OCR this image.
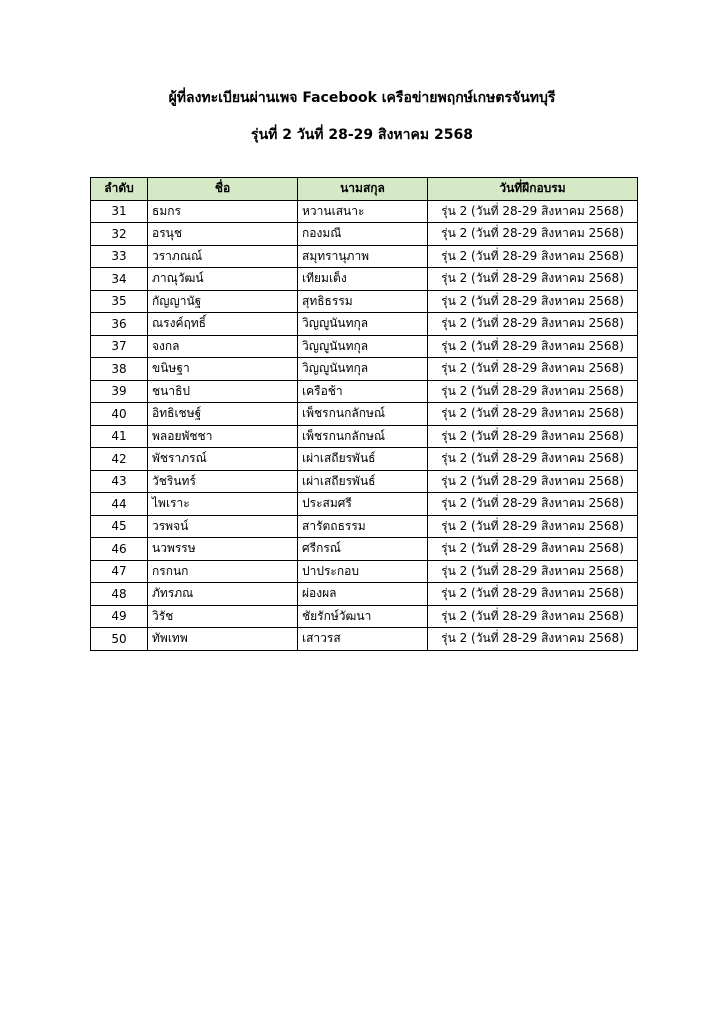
ผู้ที่ลงทะเบียนผ่านเพจ Facebook เครือข่ายพฤกษ์เกษตรจันทบุรี
รุ่นที่ 2 วันที่ 28-29 สิงหาคม 2568
ลำดับ	ชื่อ	นามสกุล	วันที่ฝึกอบรม
31	ธมกร	หวานเสนาะ	รุ่น 2 (วันที่ 28-29 สิงหาคม 2568)
32	อรนุช	กองมณี	รุ่น 2 (วันที่ 28-29 สิงหาคม 2568)
33	วราภณณ์	สมุทรานุภาพ	รุ่น 2 (วันที่ 28-29 สิงหาคม 2568)
34	ภาณุวัฒน์	เทียมเต็ง	รุ่น 2 (วันที่ 28-29 สิงหาคม 2568)
35	กัญญานัฐ	สุทธิธรรม	รุ่น 2 (วันที่ 28-29 สิงหาคม 2568)
36	ณรงค์ฤทธิ์	วิญญูนันทกุล	รุ่น 2 (วันที่ 28-29 สิงหาคม 2568)
37	จงกล	วิญญูนันทกุล	รุ่น 2 (วันที่ 28-29 สิงหาคม 2568)
38	ขนิษฐา	วิญญูนันทกุล	รุ่น 2 (วันที่ 28-29 สิงหาคม 2568)
39	ชนาธิป	เครือช้า	รุ่น 2 (วันที่ 28-29 สิงหาคม 2568)
40	อิทธิเชษฐ์	เพ็ชรกนกลักษณ์	รุ่น 2 (วันที่ 28-29 สิงหาคม 2568)
41	พลอยพัชชา	เพ็ชรกนกลักษณ์	รุ่น 2 (วันที่ 28-29 สิงหาคม 2568)
42	พัชราภรณ์	เผ่าเสถียรพันธ์	รุ่น 2 (วันที่ 28-29 สิงหาคม 2568)
43	วัชรินทร์	เผ่าเสถียรพันธ์	รุ่น 2 (วันที่ 28-29 สิงหาคม 2568)
44	ไพเราะ	ประสมศรี	รุ่น 2 (วันที่ 28-29 สิงหาคม 2568)
45	วรพจน์	สารัตถธรรม	รุ่น 2 (วันที่ 28-29 สิงหาคม 2568)
46	นวพรรษ	ศรีกรณ์	รุ่น 2 (วันที่ 28-29 สิงหาคม 2568)
47	กรกนก	ปาประกอบ	รุ่น 2 (วันที่ 28-29 สิงหาคม 2568)
48	ภัทรภณ	ผ่องผล	รุ่น 2 (วันที่ 28-29 สิงหาคม 2568)
49	วิรัช	ชัยรักษ์วัฒนา	รุ่น 2 (วันที่ 28-29 สิงหาคม 2568)
50	ทัพเทพ	เสาวรส	รุ่น 2 (วันที่ 28-29 สิงหาคม 2568)
